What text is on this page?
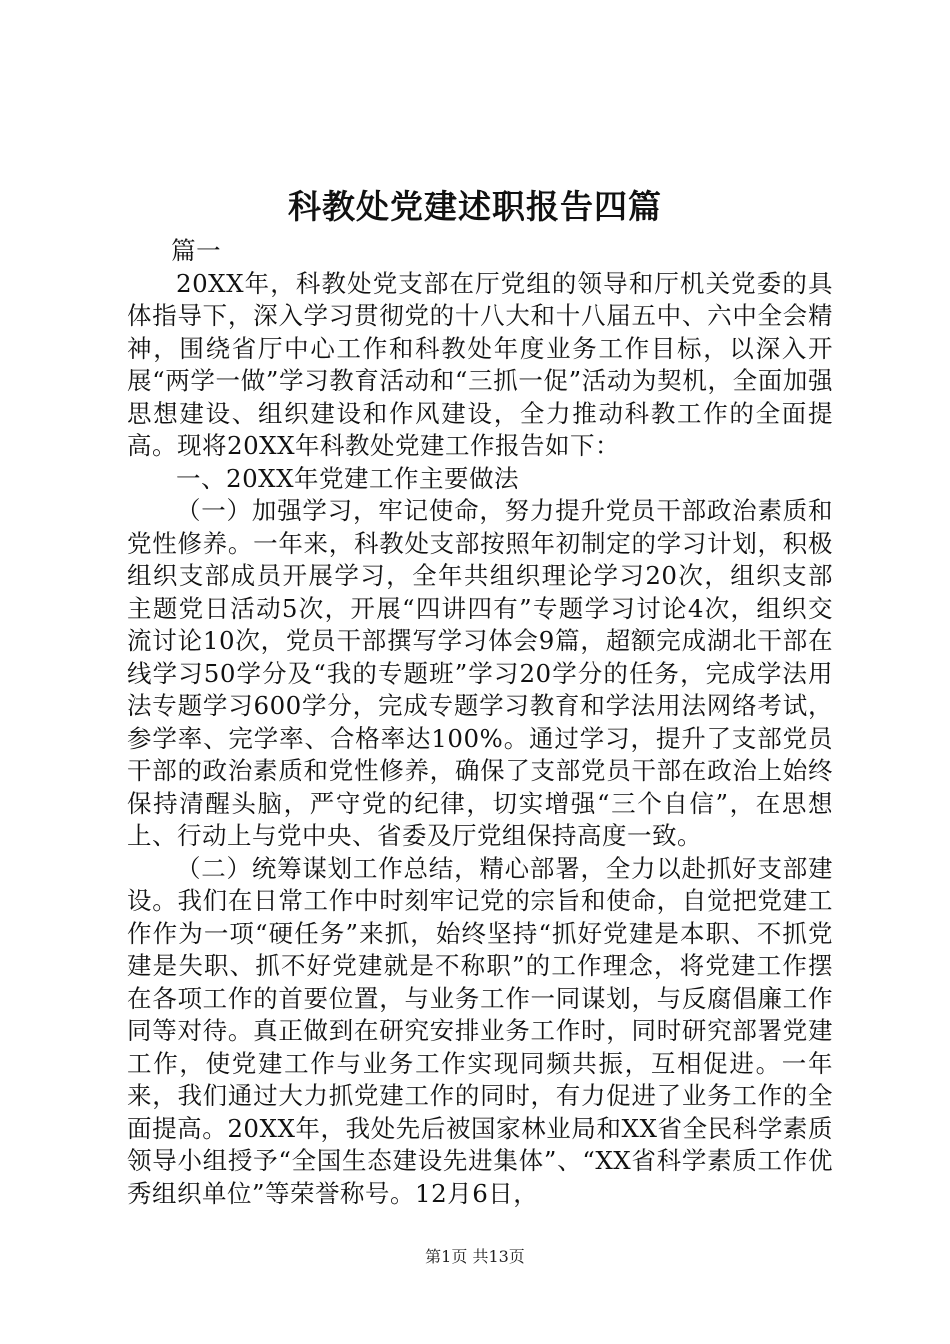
科教处党建述职报告四篇

篇一

20XX年，科教处党支部在厅党组的领导和厅机关党委的具体指导下，深入学习贯彻党的十八大和十八届五中、六中全会精神，围绕省厅中心工作和科教处年度业务工作目标，以深入开展“两学一做”学习教育活动和“三抓一促”活动为契机，全面加强思想建设、组织建设和作风建设，全力推动科教工作的全面提高。现将20XX年科教处党建工作报告如下：

一、20XX年党建工作主要做法

（一）加强学习，牢记使命，努力提升党员干部政治素质和党性修养。一年来，科教处支部按照年初制定的学习计划，积极组织支部成员开展学习，全年共组织理论学习20次，组织支部主题党日活动5次，开展“四讲四有”专题学习讨论4次，组织交流讨论10次，党员干部撰写学习体会9篇，超额完成湖北干部在线学习50学分及“我的专题班”学习20学分的任务，完成学法用法专题学习600学分，完成专题学习教育和学法用法网络考试，参学率、完学率、合格率达100%。通过学习，提升了支部党员干部的政治素质和党性修养，确保了支部党员干部在政治上始终保持清醒头脑，严守党的纪律，切实增强“三个自信”，在思想上、行动上与党中央、省委及厅党组保持高度一致。

（二）统筹谋划工作总结，精心部署，全力以赴抓好支部建设。我们在日常工作中时刻牢记党的宗旨和使命，自觉把党建工作作为一项“硬任务”来抓，始终坚持“抓好党建是本职、不抓党建是失职、抓不好党建就是不称职”的工作理念，将党建工作摆在各项工作的首要位置，与业务工作一同谋划，与反腐倡廉工作同等对待。真正做到在研究安排业务工作时，同时研究部署党建工作，使党建工作与业务工作实现同频共振，互相促进。一年来，我们通过大力抓党建工作的同时，有力促进了业务工作的全面提高。20XX年，我处先后被国家林业局和XX省全民科学素质领导小组授予“全国生态建设先进集体”、“XX省科学素质工作优秀组织单位”等荣誉称号。12月6日，

第1页 共13页
